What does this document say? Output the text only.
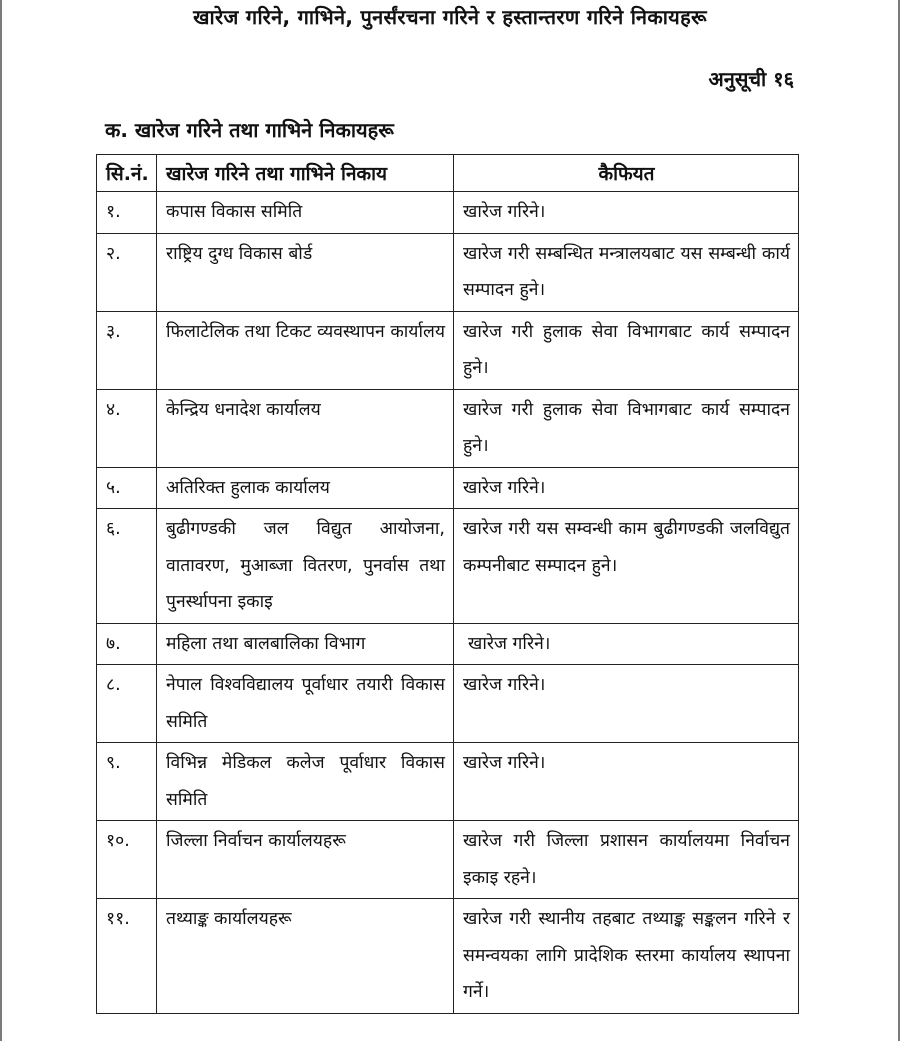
खारेज गरिने, गाभिने, पुनर्संरचना गरिने र हस्तान्तरण गरिने निकायहरू
अनुसूची १६
क. खारेज गरिने तथा गाभिने निकायहरू
सि.नं.	खारेज गरिने तथा गाभिने निकाय	कैफियत
१.	कपास विकास समिति	खारेज गरिने।
२.	राष्ट्रिय दुग्ध विकास बोर्ड	खारेज गरी सम्बन्धित मन्त्रालयबाट यस सम्बन्धी कार्य सम्पादन हुने।
३.	फिलाटेलिक तथा टिकट व्यवस्थापन कार्यालय	खारेज गरी हुलाक सेवा विभागबाट कार्य सम्पादन हुने।
४.	केन्द्रिय धनादेश कार्यालय	खारेज गरी हुलाक सेवा विभागबाट कार्य सम्पादन हुने।
५.	अतिरिक्त हुलाक कार्यालय	खारेज गरिने।
६.	बुढीगण्डकी जल विद्युत आयोजना, वातावरण, मुआब्जा वितरण, पुनर्वास तथा पुनर्स्थापना इकाइ	खारेज गरी यस सम्वन्धी काम बुढीगण्डकी जलविद्युत कम्पनीबाट सम्पादन हुने।
७.	महिला तथा बालबालिका विभाग	खारेज गरिने।
८.	नेपाल विश्वविद्यालय पूर्वाधार तयारी विकास समिति	खारेज गरिने।
९.	विभिन्न मेडिकल कलेज पूर्वाधार विकास समिति	खारेज गरिने।
१०.	जिल्ला निर्वाचन कार्यालयहरू	खारेज गरी जिल्ला प्रशासन कार्यालयमा निर्वाचन इकाइ रहने।
११.	तथ्याङ्क कार्यालयहरू	खारेज गरी स्थानीय तहबाट तथ्याङ्क सङ्कलन गरिने र समन्वयका लागि प्रादेशिक स्तरमा कार्यालय स्थापना गर्ने।
